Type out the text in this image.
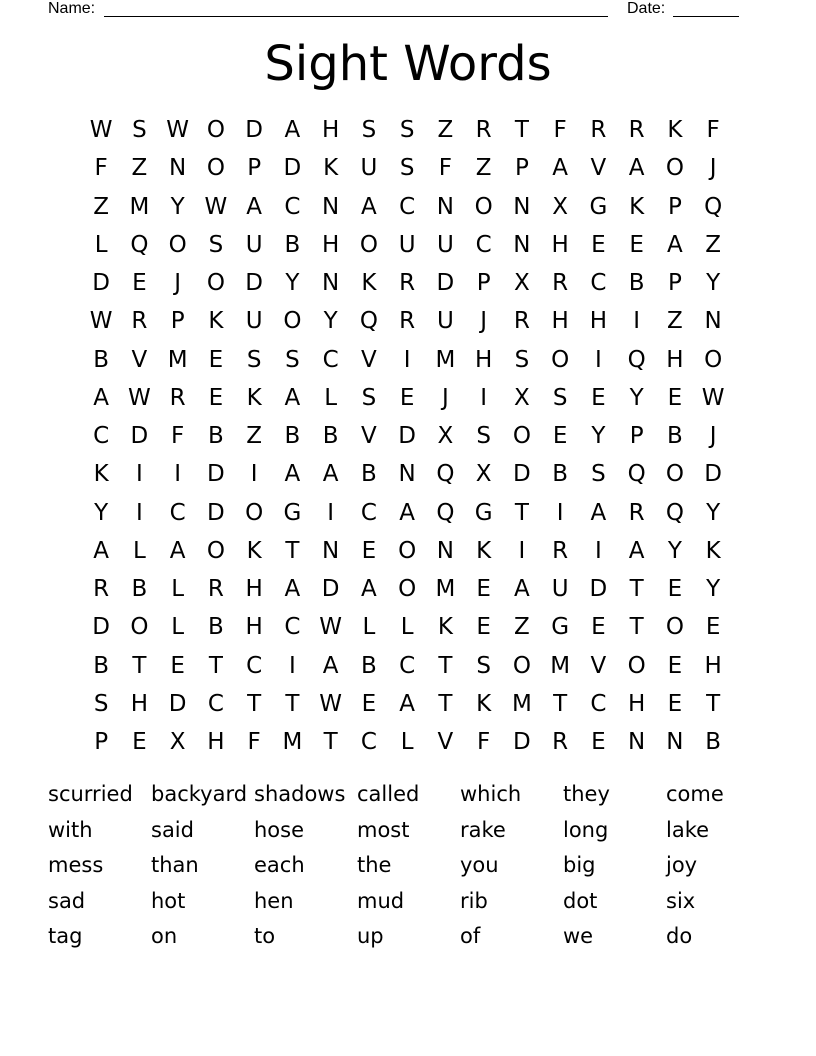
Name:	Date:
Sight Words
W S W O D A H S	S	Z R	T	F	R R K	F
F	Z N O P D K U S	F	Z	P	A V A O	J
Z M Y W A C N A C N O N X G K	P Q
L Q O S U B H O U U C N H E	E	A Z
D E	J	O D Y N K R D P	X R C B	P	Y
W R	P	K U O Y Q R U	J	R H H	I	Z N
B V M E	S	S C V	I	M H S O	I	Q H O
A W R E	K A	L	S	E	J	I	X	S	E	Y	E W
C D F	B Z B B V D X	S O E	Y	P	B	J
K	I	I	D	I	A A B N Q X D B	S Q O D
Y	I	C D O G	I	C A Q G T	I	A R Q Y
A	L	A O K	T N E O N K	I	R	I	A	Y	K
R B	L	R H A D A O M E	A U D T	E	Y
D O L	B H C W L	L	K	E	Z G E	T O E
B	T	E	T	C	I	A B C	T	S O M V O E H
S H D C	T	T W E	A	T	K M T	C H E	T
P	E	X H F M T	C	L	V	F D R E N N B
scurried backyard shadows called	which	they	come
with	said	hose	most	rake	long	lake
mess	than	each	the	you	big	joy
sad	hot	hen	mud	rib	dot	six
tag	on	to	up	of	we	do
